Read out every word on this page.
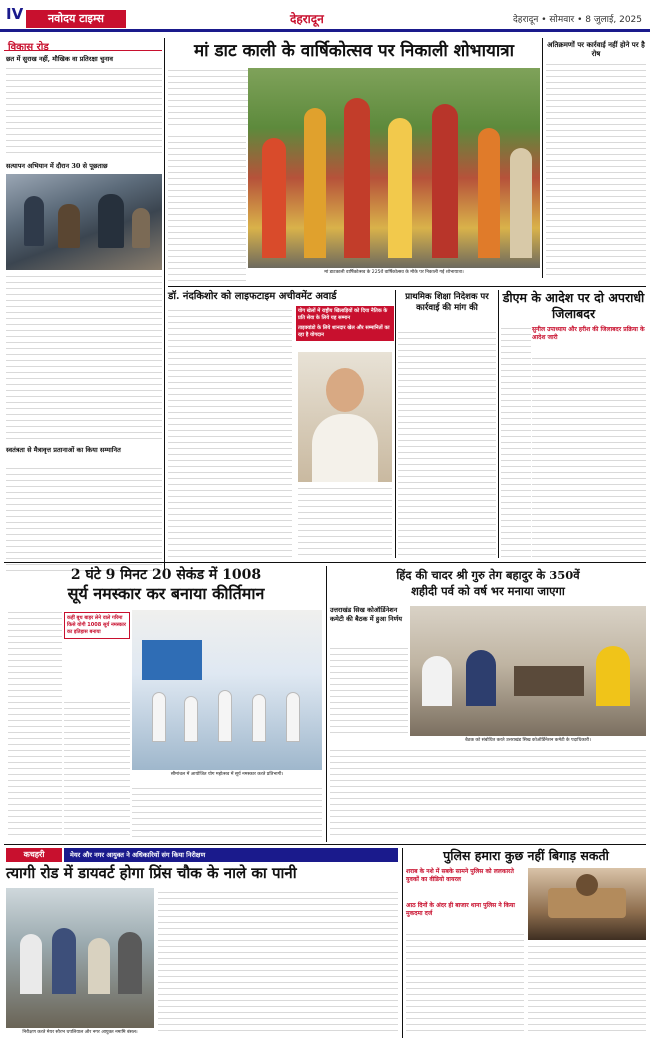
IV	नवोदय टाइम्स	देहरादून	देहरादून • सोमवार • 8 जुलाई, 2025
विकास रोड
छत में सुराख नहीं, मौखिक वा प्रतिरक्षा चुनाव
सत्यापन अभियान में दौरान 30 से पूछताछ
स्वतंत्रता से मैत्रावृत्त प्रतानाओं का किया सम्मानित
मां डाट काली के वार्षिकोत्सव पर निकाली शोभायात्रा
मां डाटकाली वार्षिकोत्सव के 225वें वार्षिकोत्सव के मौके पर निकाली गई शोभायात्रा।
अतिक्रमणों पर कार्रवाई नहीं होने पर है रोष
डॉ. नंदकिशोर को लाइफटाइम अचीवमेंट अवार्ड
योग खेलों में राष्ट्रीय खिलाड़ियों को दिया नैतिक के प्रति सेवा के लिये यह सम्मान
ताइक्वांडो के लिये शानदार खेल और सम्मानितों का रहा है योगदान
प्राथमिक शिक्षा निदेशक पर कार्रवाई की मांग की
डीएम के आदेश पर दो अपराधी जिलाबदर
सुनील उपाध्याय और हरीश की जिलाबदर प्रक्रिया के आदेश जारी
2 घंटे 9 मिनट 20 सेकंड में 1008
सूर्य नमस्कार कर बनाया कीर्तिमान
कहीं बूथ बाहर लेने वाले गरिमा किसे योगी 1008 सूर्य नमस्कार का इतिहास बनाया
सीमांचल में आयोजित योग महोत्सव में सूर्य नमस्कार करते प्रतिभागी।
हिंद की चादर श्री गुरु तेग बहादुर के 350वें
शहीदी पर्व को वर्ष भर मनाया जाएगा
उत्तराखंड सिख कोऑर्डिनेशन कमेटी की बैठक में हुआ निर्णय
बैठक को संबोधित करते उत्तराखंड सिख कोऑर्डिनेशन कमेटी के पदाधिकारी।
कचहरी	मेयर और नगर आयुक्त ने अधिकारियों संग किया निरीक्षण
त्यागी रोड में डायवर्ट होगा प्रिंस चौक के नाले का पानी
निरीक्षण करते मेयर सौरभ थपलियाल और नगर आयुक्त नमामि बंसल।
पुलिस हमारा कुछ नहीं बिगाड़ सकती
शराब के नशे में सबके सामने पुलिस को ललकारते युवकों का वीडियो वायरल
आठ दिनों के अंदर ही बाजार थाना पुलिस ने किया मुकदमा दर्ज
